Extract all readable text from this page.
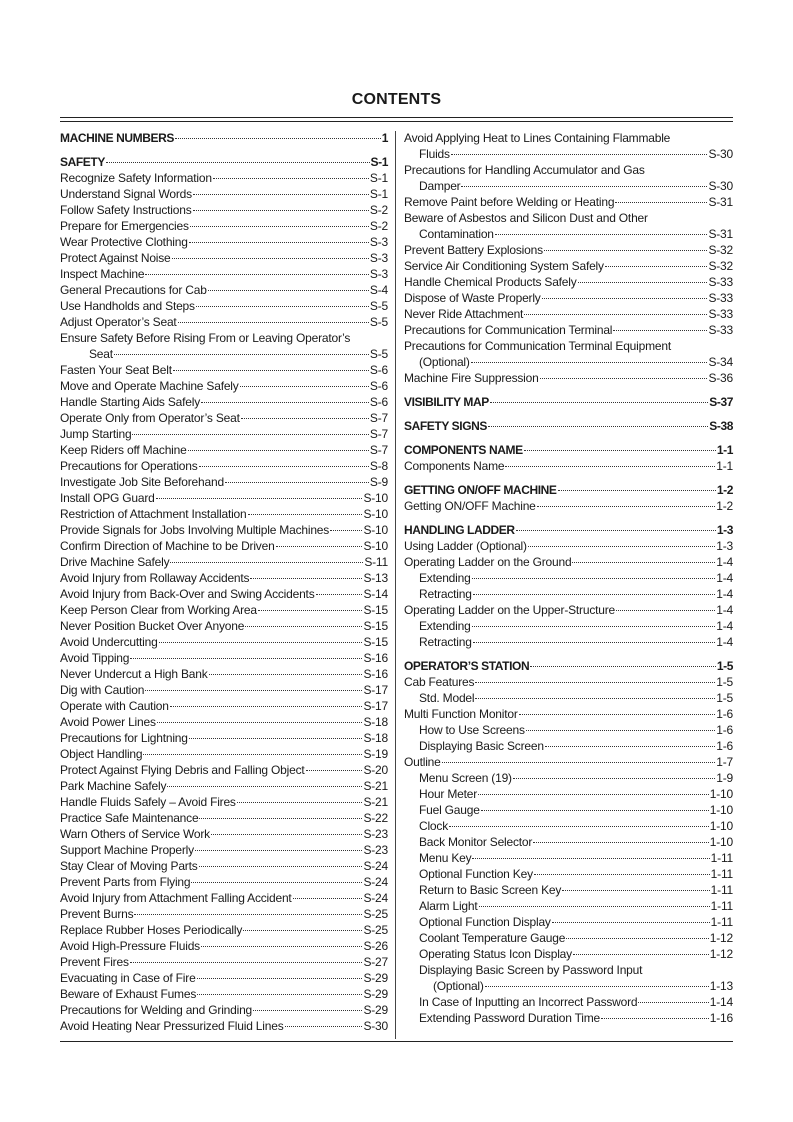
CONTENTS
MACHINE NUMBERS	1
SAFETY	S-1
Recognize Safety Information	S-1
Understand Signal Words	S-1
Follow Safety Instructions	S-2
Prepare for Emergencies	S-2
Wear Protective Clothing	S-3
Protect Against Noise	S-3
Inspect Machine	S-3
General Precautions for Cab	S-4
Use Handholds and Steps	S-5
Adjust Operator’s Seat	S-5
Ensure Safety Before Rising From or Leaving Operator’s
Seat	S-5
Fasten Your Seat Belt	S-6
Move and Operate Machine Safely	S-6
Handle Starting Aids Safely	S-6
Operate Only from Operator’s Seat	S-7
Jump Starting	S-7
Keep Riders off Machine	S-7
Precautions for Operations	S-8
Investigate Job Site Beforehand	S-9
Install OPG Guard	S-10
Restriction of Attachment Installation	S-10
Provide Signals for Jobs Involving Multiple Machines	S-10
Confirm Direction of Machine to be Driven	S-10
Drive Machine Safely	S-11
Avoid Injury from Rollaway Accidents	S-13
Avoid Injury from Back-Over and Swing Accidents	S-14
Keep Person Clear from Working Area	S-15
Never Position Bucket Over Anyone	S-15
Avoid Undercutting	S-15
Avoid Tipping	S-16
Never Undercut a High Bank	S-16
Dig with Caution	S-17
Operate with Caution	S-17
Avoid Power Lines	S-18
Precautions for Lightning	S-18
Object Handling	S-19
Protect Against Flying Debris and Falling Object	S-20
Park Machine Safely	S-21
Handle Fluids Safely – Avoid Fires	S-21
Practice Safe Maintenance	S-22
Warn Others of Service Work	S-23
Support Machine Properly	S-23
Stay Clear of Moving Parts	S-24
Prevent Parts from Flying	S-24
Avoid Injury from Attachment Falling Accident	S-24
Prevent Burns	S-25
Replace Rubber Hoses Periodically	S-25
Avoid High-Pressure Fluids	S-26
Prevent Fires	S-27
Evacuating in Case of Fire	S-29
Beware of Exhaust Fumes	S-29
Precautions for Welding and Grinding	S-29
Avoid Heating Near Pressurized Fluid Lines	S-30
Avoid Applying Heat to Lines Containing Flammable
Fluids	S-30
Precautions for Handling Accumulator and Gas
Damper	S-30
Remove Paint before Welding or Heating	S-31
Beware of Asbestos and Silicon Dust and Other
Contamination	S-31
Prevent Battery Explosions	S-32
Service Air Conditioning System Safely	S-32
Handle Chemical Products Safely	S-33
Dispose of Waste Properly	S-33
Never Ride Attachment	S-33
Precautions for Communication Terminal	S-33
Precautions for Communication Terminal Equipment
(Optional)	S-34
Machine Fire Suppression	S-36
VISIBILITY MAP	S-37
SAFETY SIGNS	S-38
COMPONENTS NAME	1-1
Components Name	1-1
GETTING ON/OFF MACHINE	1-2
Getting ON/OFF Machine	1-2
HANDLING LADDER	1-3
Using Ladder (Optional)	1-3
Operating Ladder on the Ground	1-4
Extending	1-4
Retracting	1-4
Operating Ladder on the Upper-Structure	1-4
Extending	1-4
Retracting	1-4
OPERATOR’S STATION	1-5
Cab Features	1-5
Std. Model	1-5
Multi Function Monitor	1-6
How to Use Screens	1-6
Displaying Basic Screen	1-6
Outline	1-7
Menu Screen (19)	1-9
Hour Meter	1-10
Fuel Gauge	1-10
Clock	1-10
Back Monitor Selector	1-10
Menu Key	1-11
Optional Function Key	1-11
Return to Basic Screen Key	1-11
Alarm Light	1-11
Optional Function Display	1-11
Coolant Temperature Gauge	1-12
Operating Status Icon Display	1-12
Displaying Basic Screen by Password Input
(Optional)	1-13
In Case of Inputting an Incorrect Password	1-14
Extending Password Duration Time	1-16
